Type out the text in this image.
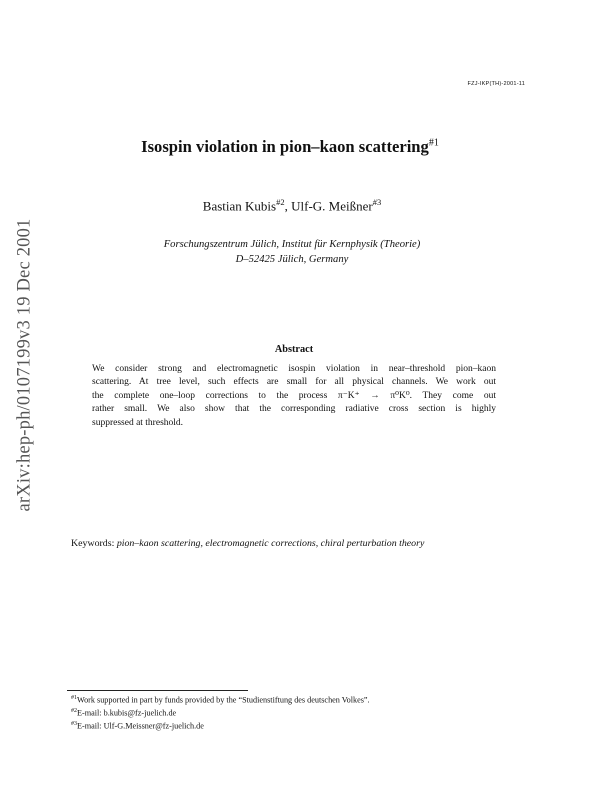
arXiv:hep-ph/0107199v3 19 Dec 2001
FZJ-IKP(TH)-2001-11
Isospin violation in pion–kaon scattering$^{\#1}$
Bastian Kubis$^{\#2}$, Ulf-G. Meißner$^{\#3}$
Forschungszentrum Jülich, Institut für Kernphysik (Theorie)
D–52425 Jülich, Germany
Abstract
We consider strong and electromagnetic isospin violation in near–threshold pion–kaon
scattering. At tree level, such effects are small for all physical channels. We work out
the complete one–loop corrections to the process π⁻K⁺ → π⁰K⁰. They come out
rather small. We also show that the corresponding radiative cross section is highly
suppressed at threshold.
Keywords: pion–kaon scattering, electromagnetic corrections, chiral perturbation theory
$^{\#1}$Work supported in part by funds provided by the “Studienstiftung des deutschen Volkes”.
$^{\#2}$E-mail: b.kubis@fz-juelich.de
$^{\#3}$E-mail: Ulf-G.Meissner@fz-juelich.de
